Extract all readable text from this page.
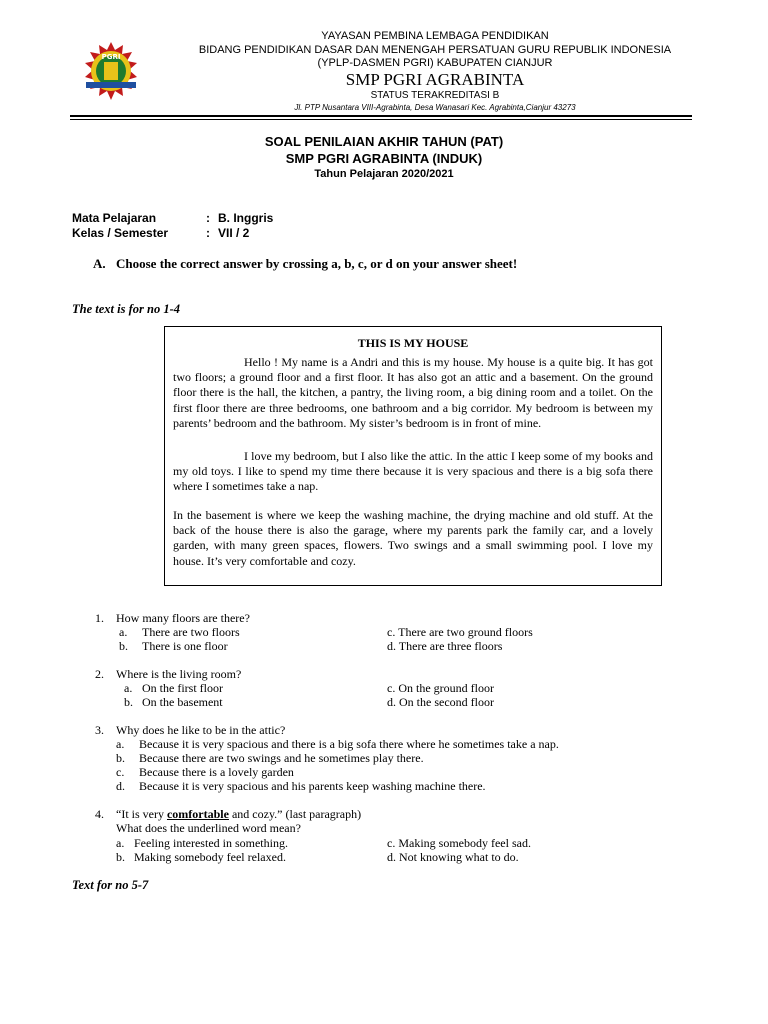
PGRI
YAYASAN PEMBINA LEMBAGA PENDIDIKAN
BIDANG PENDIDIKAN DASAR DAN MENENGAH PERSATUAN GURU REPUBLIK INDONESIA
(YPLP-DASMEN PGRI) KABUPATEN CIANJUR
SMP PGRI AGRABINTA
STATUS TERAKREDITASI B
Jl. PTP Nusantara VIII-Agrabinta, Desa Wanasari Kec. Agrabinta,Cianjur 43273
SOAL PENILAIAN AKHIR TAHUN (PAT)
SMP PGRI AGRABINTA (INDUK)
Tahun Pelajaran 2020/2021
Mata Pelajaran	: B. Inggris
Kelas / Semester	: VII / 2
A. Choose the correct answer by crossing a, b, c, or d on your answer sheet!
The text is for no 1-4
THIS IS MY HOUSE
Hello ! My name is a Andri and this is my house. My house is a quite big. It has got two floors; a ground floor and a first floor. It has also got an attic and a basement. On the ground floor there is the hall, the kitchen, a pantry, the living room, a big dining room and a toilet. On the first floor there are three bedrooms, one bathroom and a big corridor. My bedroom is between my parents’ bedroom and the bathroom. My sister’s bedroom is in front of mine.
I love my bedroom, but I also like the attic. In the attic I keep some of my books and my old toys. I like to spend my time there because it is very spacious and there is a big sofa there where I sometimes take a nap.
In the basement is where we keep the washing machine, the drying machine and old stuff. At the back of the house there is also the garage, where my parents park the family car, and a lovely garden, with many green spaces, flowers. Two swings and a small swimming pool. I love my house. It’s very comfortable and cozy.
1. How many floors are there?
a. There are two floors	c. There are two ground floors
b. There is one floor	d. There are three floors
2. Where is the living room?
a. On the first floor	c. On the ground floor
b. On the basement	d. On the second floor
3. Why does he like to be in the attic?
a. Because it is very spacious and there is a big sofa there where he sometimes take a nap.
b. Because there are two swings and he sometimes play there.
c. Because there is a lovely garden
d. Because it is very spacious and his parents keep washing machine there.
4. “It is very comfortable and cozy.” (last paragraph)
What does the underlined word mean?
a. Feeling interested in something.	c. Making somebody feel sad.
b. Making somebody feel relaxed.	d. Not knowing what to do.
Text for no 5-7
